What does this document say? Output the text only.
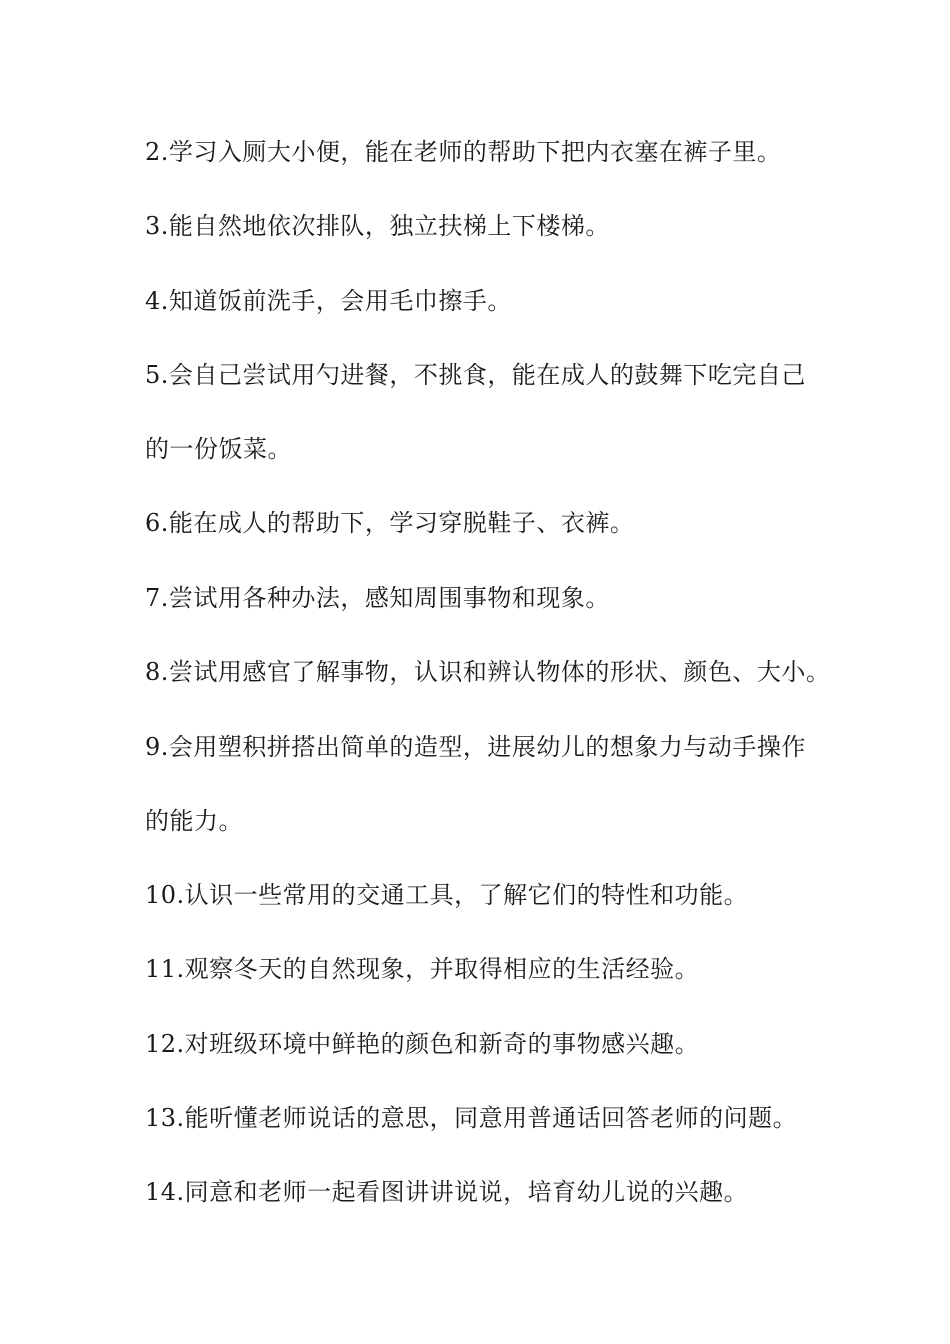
2.学习入厕大小便，能在老师的帮助下把内衣塞在裤子里。
3.能自然地依次排队，独立扶梯上下楼梯。
4.知道饭前洗手，会用毛巾擦手。
5.会自己尝试用勺进餐，不挑食，能在成人的鼓舞下吃完自己
的一份饭菜。
6.能在成人的帮助下，学习穿脱鞋子、衣裤。
7.尝试用各种办法，感知周围事物和现象。
8.尝试用感官了解事物，认识和辨认物体的形状、颜色、大小。
9.会用塑积拼搭出简单的造型，进展幼儿的想象力与动手操作
的能力。
10.认识一些常用的交通工具，了解它们的特性和功能。
11.观察冬天的自然现象，并取得相应的生活经验。
12.对班级环境中鲜艳的颜色和新奇的事物感兴趣。
13.能听懂老师说话的意思，同意用普通话回答老师的问题。
14.同意和老师一起看图讲讲说说，培育幼儿说的兴趣。
